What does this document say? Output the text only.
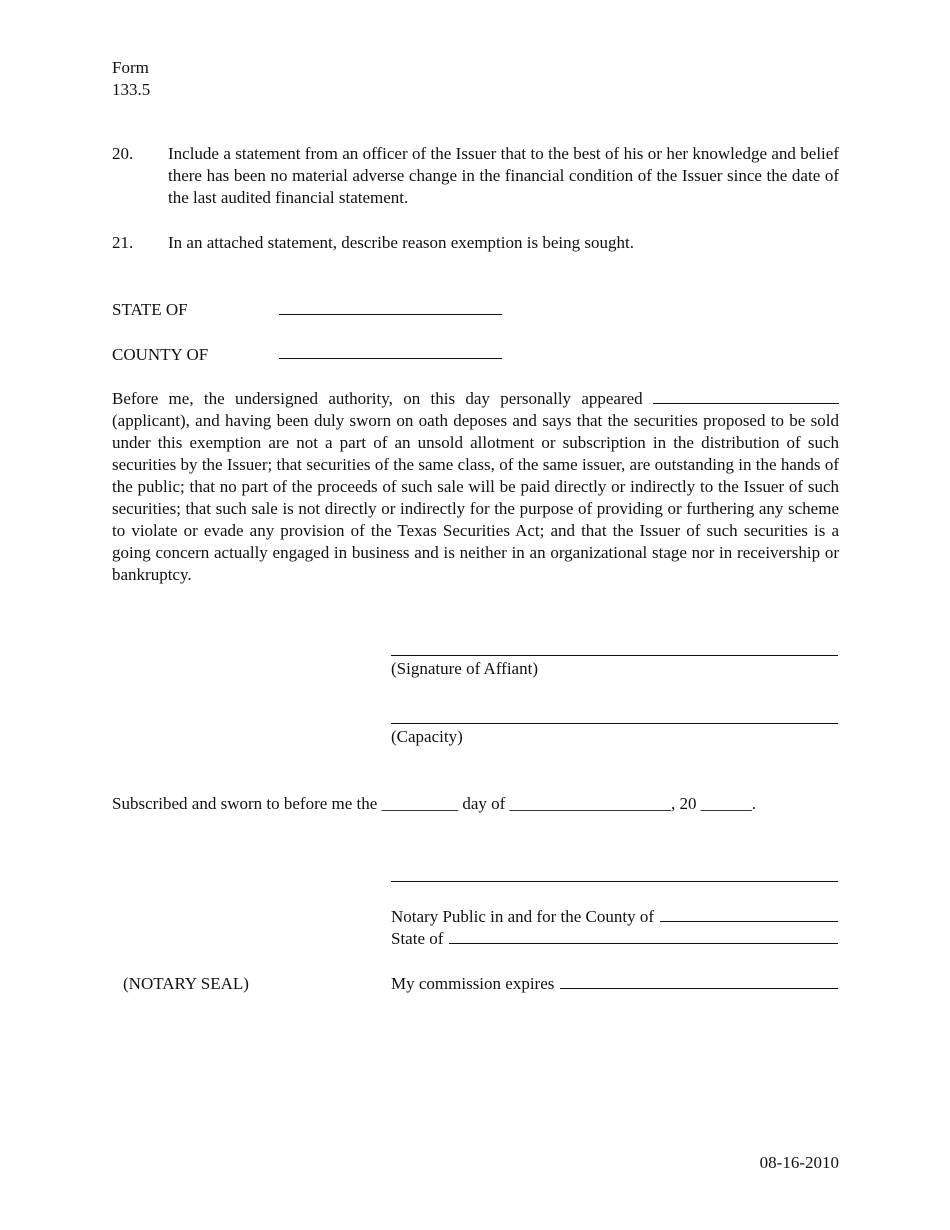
Form
133.5
20.	Include a statement from an officer of the Issuer that to the best of his or her knowledge and belief there has been no material adverse change in the financial condition of the Issuer since the date of the last audited financial statement.
21.	In an attached statement, describe reason exemption is being sought.
STATE OF
COUNTY OF
Before me, the undersigned authority, on this day personally appeared  (applicant), and having been duly sworn on oath deposes and says that the securities proposed to be sold under this exemption are not a part of an unsold allotment or subscription in the distribution of such securities by the Issuer; that securities of the same class, of the same issuer, are outstanding in the hands of the public; that no part of the proceeds of such sale will be paid directly or indirectly to the Issuer of such securities; that such sale is not directly or indirectly for the purpose of providing or furthering any scheme to violate or evade any provision of the Texas Securities Act; and that the Issuer of such securities is a going concern actually engaged in business and is neither in an organizational stage nor in receivership or bankruptcy.
(Signature of Affiant)
(Capacity)
Subscribed and sworn to before me the _________ day of ___________________, 20 ______.
Notary Public in and for the County of
State of
(NOTARY SEAL)	My commission expires
08-16-2010
